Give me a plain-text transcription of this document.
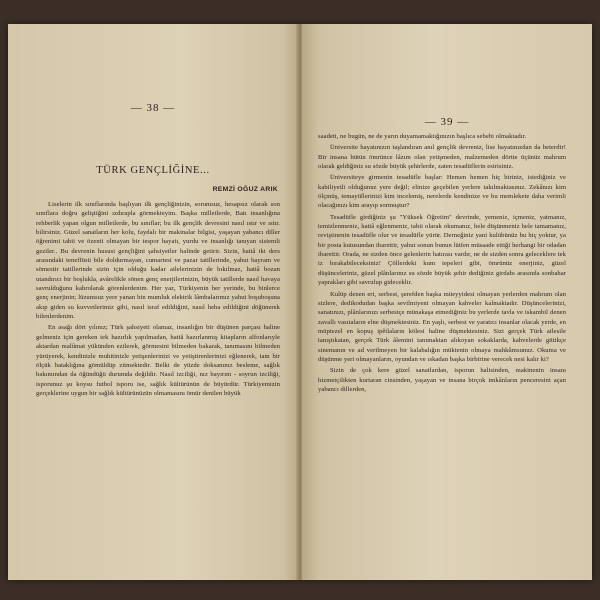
— 38 —
TÜRK GENÇLİĞİNE...
REMZİ OĞUZ ARIK

Liselerin ilk sınıflarında başlıyan ilk gençliğinizin, sorumsuz, hesapsız olarak son sınıflara doğru geliştiğini ızdırapla görmekteyim. Başka milletlerde, Batı insanlığına rehberlik yapan olgun milletlerde, bu sınıflar; bu ilk gençlik devresini nasıl ıstır ve ıstır. bilirsiniz. Güzel sanatların her kolu, faydalı bir makinalar bilgisi, yaşayan yabancı diller öğrenimi tabii ve özenti olmayan bir tespor hayatı, yurdu ve insanlığı tanıyan sistemli geziler.. Bu devrenin hususi gençliğini şahsiyetler halinde getirir. Sizin, hattâ iki ders arasındaki teneffüsü bile doldurmayan, cumartesi ve pazar tatillerinde, yahut bayram ve sömestir tatillerinde sizin için olduğu kadar ailelerinizin de bıkılmaz, hattâ bozan utandırıcı bir boşlukla, avârelikle sönen genç enerjilerinizin, büyük tatillerde nasıl havaya savrulduğunu kahrolarak görenlerdenim. Her yaz, Türkiyenin her yerinde, bu binlerce genç enerjinin; lüzumsuz yere yanan bin mumluk elektrik lâmbalarımız yahut boşuboşuna akıp giden su kuvvetlerimiz gibi, nasıl israf edildiğini, nasıl heba edildiğini döğünerek bilenlerdenim.

En asağı dört yılınız; Türk şahsiyeti olamaz, insanlığın bir düşünen parçası haline gelmeniz için gereken tek hazırlık yapılmadan, hattâ hazırlanmış kitapların alfonlarıyle aktardan malûmat yükünden ezilerek, görmesini bilmeden bakarak, tanımasını bilmeden yürüyerek, kendinizle muhitinizle yetişenlerinizi ve yetiştirenlerinizi eğlenerek, tam bir ölçük bataklığına gömüldüp zitmektedir. Belki de yüzde doksanınız besleme, sağlık bakımından da öğündüğü durumda değildir. Nasıl izciliği, nız bayırım - soyrun izciliği, isporunuz şu koysu futbol isporu ise, sağlık kültürünün de büyürdür. Türkiyemizin gerçeklerine uygun bir sağlık kültürünüzün olmamasını ömür denilen büyük

— 39 —

saadeti, ne bugün, ne de yarın duyamamaktığınızın başlıca sebebi olmaktadır.

Üniversite hayatınızın taşlandıran anıl gençlik devreniz, lise hayatınızdan da beterdir! Bir insana bütün ömrünce lâzım olan yetişmeden, malzemeden dörtte üçünüz mahrum olarak geldiğiniz su sözde büyük şehirlerde, zaten tesadüflerin esirisiniz.

Üniversiteye girmenin tesadüfle başlar: Hemen hemen hiç biriniz, istediğiniz ve kabiliyetli olduğunuz yere değil; elinize geçebilen yerlere takılmaktasınız. Zekânızı kim ölçmüş, temayüllerinizi kim incelemiş, nerelerde kendinize ve bu memlekete daha verimli olacağınızı kim arayıp sormuştur?

Tesadüfle girdiğiniz şu "Yüksek Öğretim" devrinde, yemeniz, içmeniz, yatmanız, temizlenmeniz, hattâ eğlenmeniz, tabii olarak okumanız, hele düşünmeniz hele tamamanız, reviştinenin tesadüfle olur ve tesadüfle yürür. Derneğiniz yani kulübünüz bu hiç yoktur, ya bir posta kutusundan ibarettir, yahut sonun bunun lütfen müsaade ettiği herhangi bir odadan ibarettir. Orada, ne sizden önce gelenlerin hatırası vardır, ne de sizden sonra geleceklere tek iz bırakabileceksiniz! Çöllerdeki kum tepeleri gibi, ömrünüz enerjiniz, güzel düşünceleriniz, güzel plânlarınız su sözde büyük şehir dediğiniz girdabı arasında sonbahar yaprakları gibi savrulup gideceklir.

Kulüp denen eri, serbest, şerefden başka müeyyidesi olmayan yerlerden mahrum olan sizlere, dedikodudan başka sevilmiyeni olmayan kahveler kalmaktadır. Düşüncelerinizi, sanatınızı, plânlarınızı serbestçe münakaşa etmediğiniz bu yerlerde tavla ve iskambil denen zavallı vasıtaların elne düşmektesiniz. En yaşlı, serbest ve yaratıcı insanlar olacak yerde, en müptezel en kopuş ipêtlaların kölesi haline düşmektesiniz. Sizi gerçek Türk ailesile tanıştıkatan, gerçek Türk âlemini tanımaktan alıkoyan sokaklarda, kahvelerde gittikçe sinemanın ve ad verilmeyen bir kalabalığın müktenin olmaya mahkûmsunuz. Okuma ve düşünme yeri olmayanların, oyundan ve ıskadan başka birbirine verecek nesi kalır ki?

Sizin de çok kere güzel sanatlardan, isporun halisinden, makinenin insanı hizmetçilikten kurtaran cinsinden, yaşayan ve insana birçok imkânların penceresini açan yabancı dillerden,
